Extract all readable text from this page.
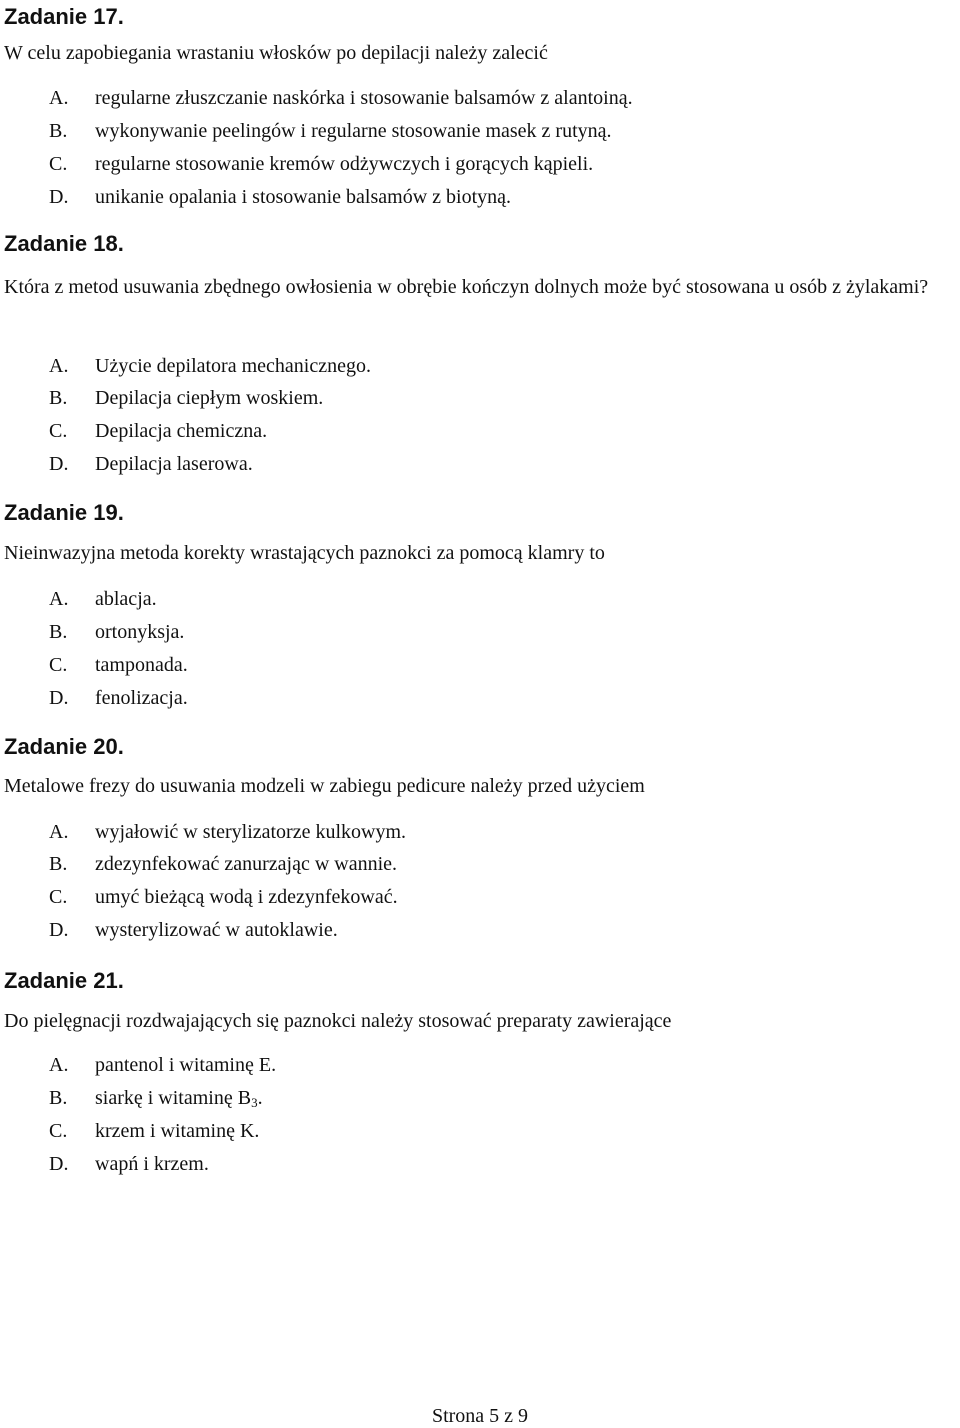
Zadanie 17.

W celu zapobiegania wrastaniu włosków po depilacji należy zalecić

A. regularne złuszczanie naskórka i stosowanie balsamów z alantoiną.
B. wykonywanie peelingów i regularne stosowanie masek z rutyną.
C. regularne stosowanie kremów odżywczych i gorących kąpieli.
D. unikanie opalania i stosowanie balsamów z biotyną.
Zadanie 18.

Która z metod usuwania zbędnego owłosienia w obrębie kończyn dolnych może być stosowana u osób z żylakami?

A. Użycie depilatora mechanicznego.
B. Depilacja ciepłym woskiem.
C. Depilacja chemiczna.
D. Depilacja laserowa.
Zadanie 19.

Nieinwazyjna metoda korekty wrastających paznokci za pomocą klamry to

A. ablacja.
B. ortonyksja.
C. tamponada.
D. fenolizacja.
Zadanie 20.

Metalowe frezy do usuwania modzeli w zabiegu pedicure należy przed użyciem

A. wyjałowić w sterylizatorze kulkowym.
B. zdezynfekować zanurzając w wannie.
C. umyć bieżącą wodą i zdezynfekować.
D. wysterylizować w autoklawie.
Zadanie 21.

Do pielęgnacji rozdwajających się paznokci należy stosować preparaty zawierające

A. pantenol i witaminę E.
B. siarkę i witaminę $B_3$.
C. krzem i witaminę K.
D. wapń i krzem.
Strona 5 z 9
